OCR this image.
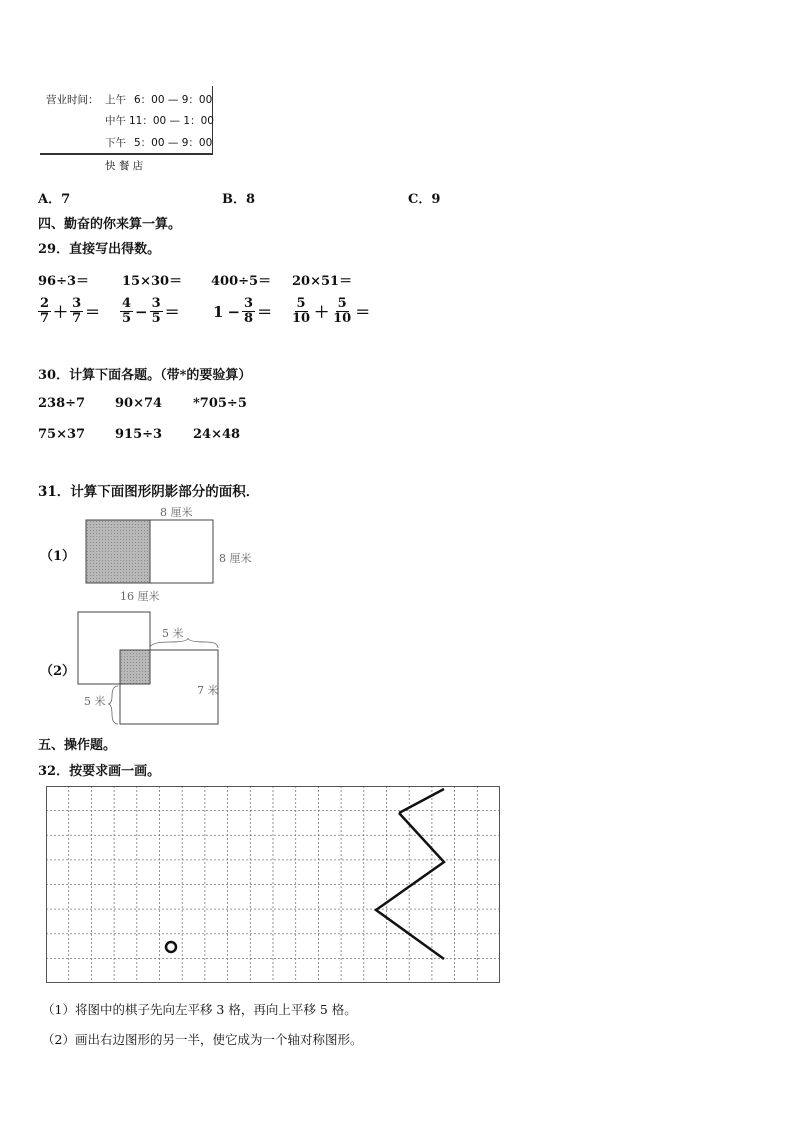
营业时间： 上午 6：00 — 9：00
中午 11：00 — 1：00
下午 5：00 — 9：00
快 餐 店
A．7	B．8	C．9
四、勤奋的你来算一算。
29．直接写出得数。
96÷3＝	15×30＝ 400÷5＝ 20×51＝
$\frac{2}{7} + \frac{3}{7} = \frac{4}{5} - \frac{3}{5} = 1 - \frac{3}{8} = \frac{5}{10} + \frac{5}{10}$ ＝
30．计算下面各题。（带*的要验算）
238÷7 90×74 *705÷5
75×37 915÷3 24×48
31．计算下面图形阴影部分的面积．
（1）
8 厘米
8 厘米
16 厘米
（2）
5 米
7 米
5 米
五、操作题。
32．按要求画一画。
（1）将图中的棋子先向左平移 3 格，再向上平移 5 格。
（2）画出右边图形的另一半，使它成为一个轴对称图形。
